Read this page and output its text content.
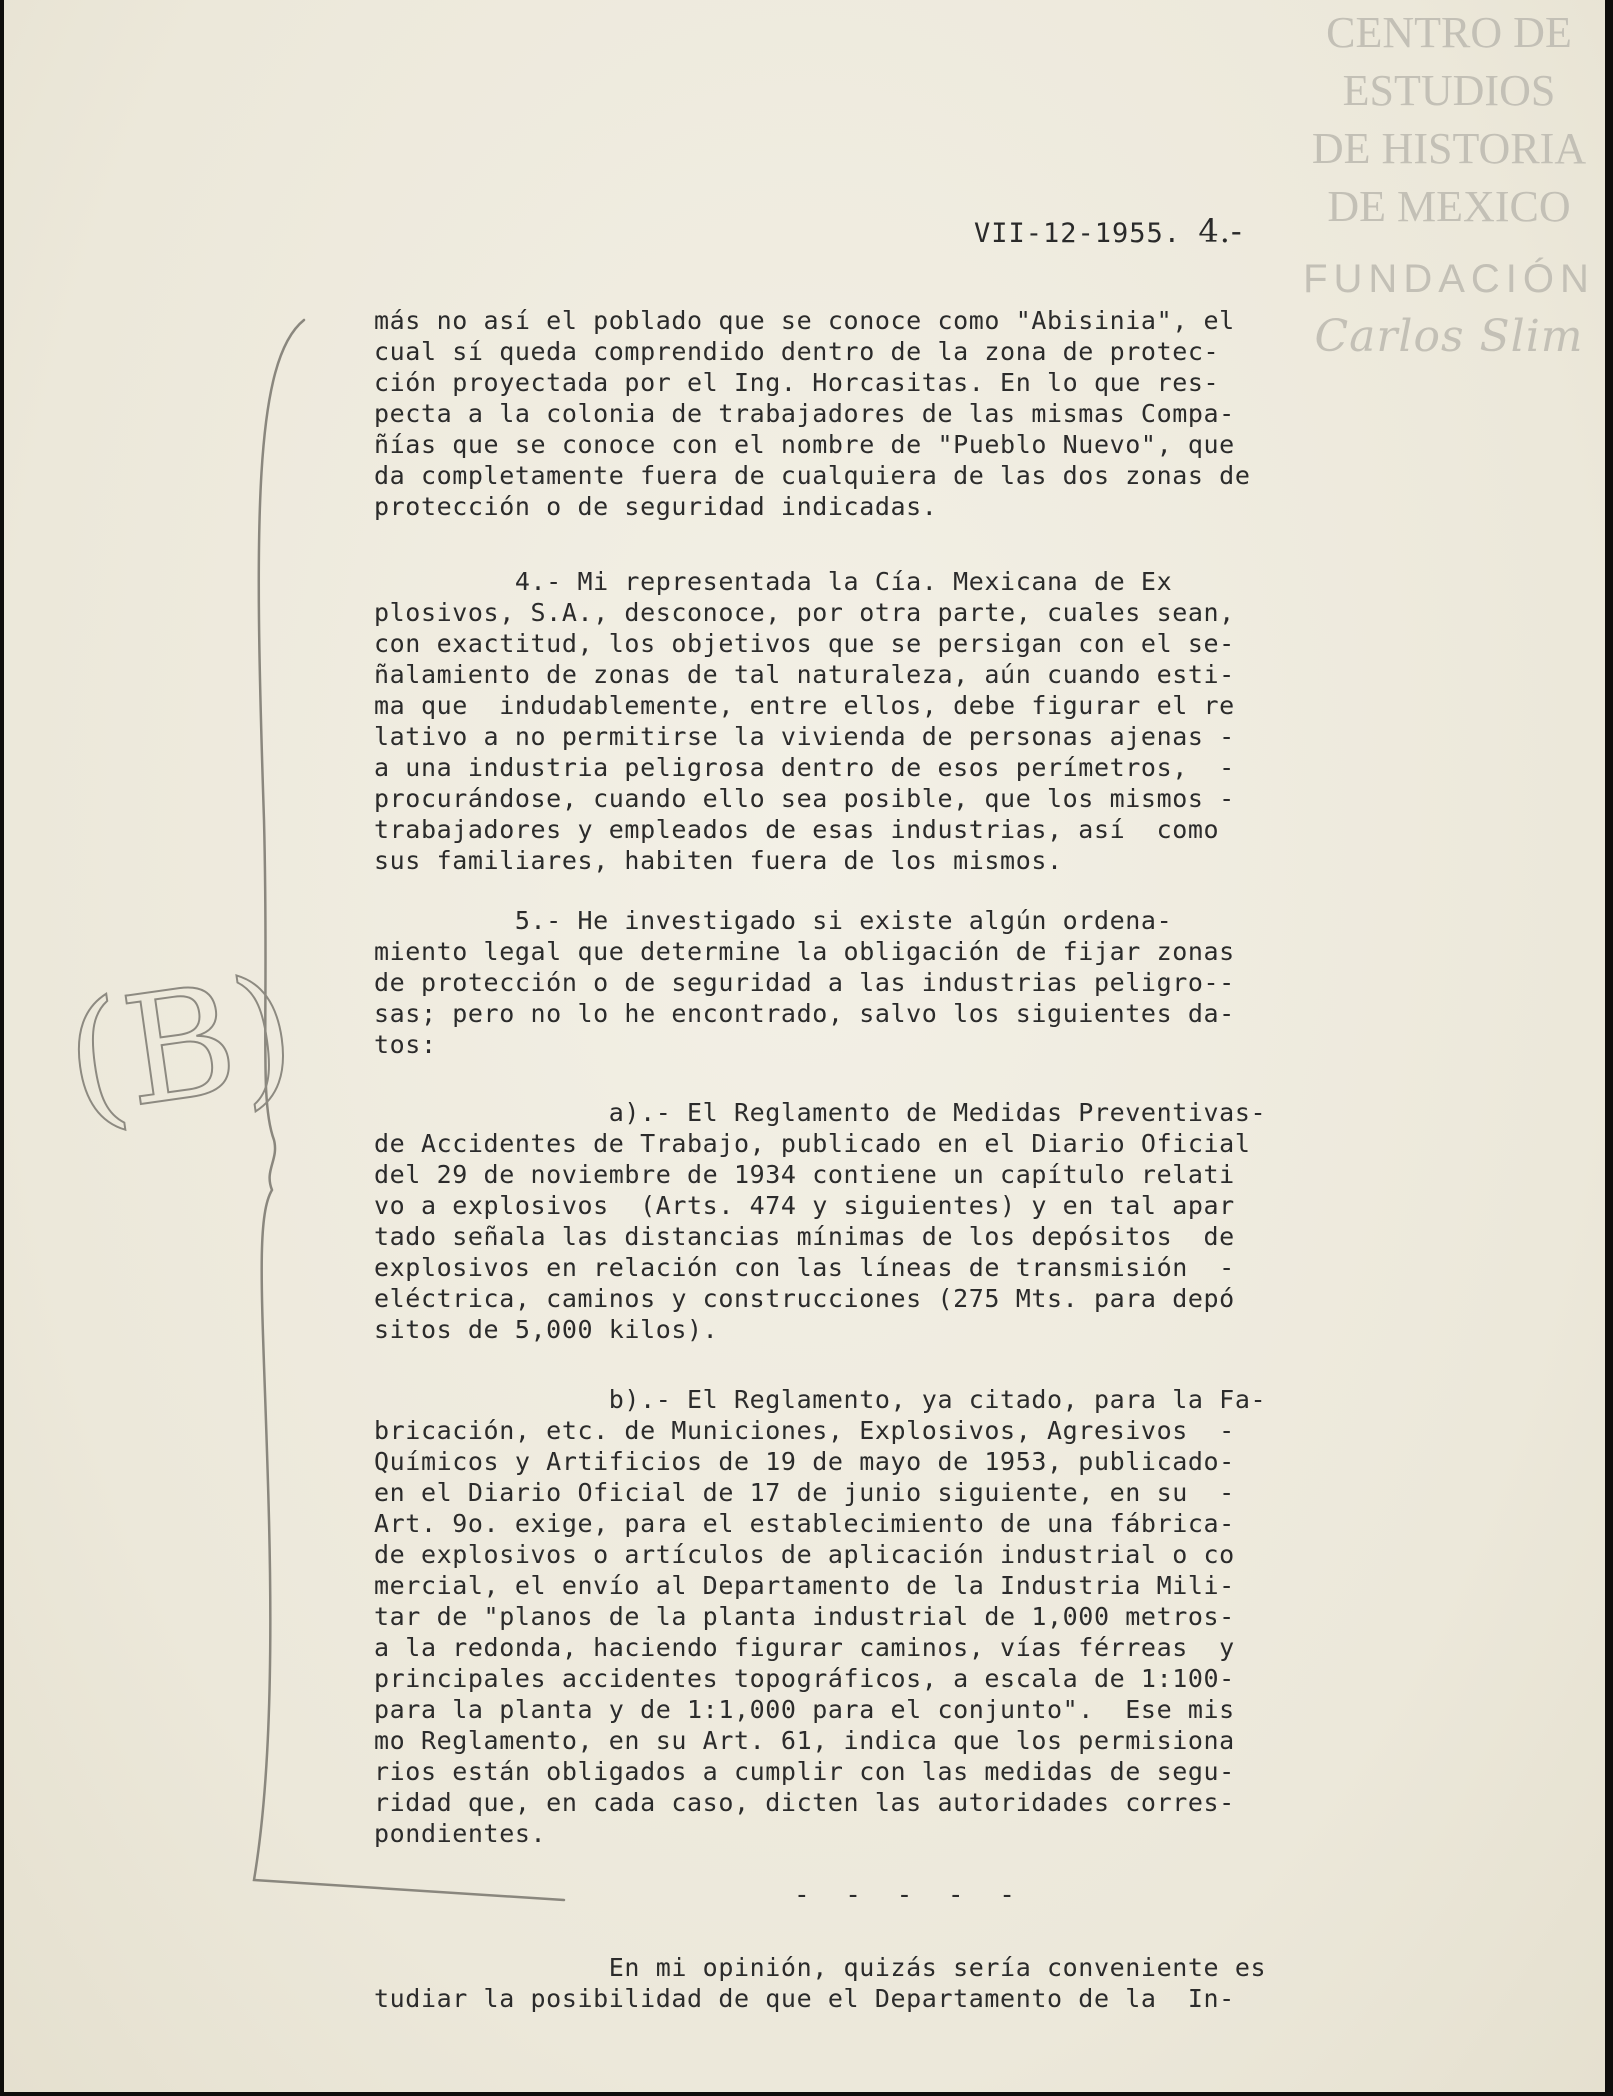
CENTRO DE
ESTUDIOS
DE HISTORIA
DE MEXICO
FUNDACIÓN
Carlos Slim
VII-12-1955. 4.-
más no así el poblado que se conoce como "Abisinia", el
cual sí queda comprendido dentro de la zona de protec-
ción proyectada por el Ing. Horcasitas. En lo que res-
pecta a la colonia de trabajadores de las mismas Compa-
ñías que se conoce con el nombre de "Pueblo Nuevo", que
da completamente fuera de cualquiera de las dos zonas de
protección o de seguridad indicadas.
4.- Mi representada la Cía. Mexicana de Ex
plosivos, S.A., desconoce, por otra parte, cuales sean,
con exactitud, los objetivos que se persigan con el se-
ñalamiento de zonas de tal naturaleza, aún cuando esti-
ma que  indudablemente, entre ellos, debe figurar el re
lativo a no permitirse la vivienda de personas ajenas -
a una industria peligrosa dentro de esos perímetros,  -
procurándose, cuando ello sea posible, que los mismos -
trabajadores y empleados de esas industrias, así  como
sus familiares, habiten fuera de los mismos.
5.- He investigado si existe algún ordena-
miento legal que determine la obligación de fijar zonas
de protección o de seguridad a las industrias peligro--
sas; pero no lo he encontrado, salvo los siguientes da-
tos:
a).- El Reglamento de Medidas Preventivas-
de Accidentes de Trabajo, publicado en el Diario Oficial
del 29 de noviembre de 1934 contiene un capítulo relati
vo a explosivos  (Arts. 474 y siguientes) y en tal apar
tado señala las distancias mínimas de los depósitos  de
explosivos en relación con las líneas de transmisión  -
eléctrica, caminos y construcciones (275 Mts. para depó
sitos de 5,000 kilos).
b).- El Reglamento, ya citado, para la Fa-
bricación, etc. de Municiones, Explosivos, Agresivos  -
Químicos y Artificios de 19 de mayo de 1953, publicado-
en el Diario Oficial de 17 de junio siguiente, en su  -
Art. 9o. exige, para el establecimiento de una fábrica-
de explosivos o artículos de aplicación industrial o co
mercial, el envío al Departamento de la Industria Mili-
tar de "planos de la planta industrial de 1,000 metros-
a la redonda, haciendo figurar caminos, vías férreas  y
principales accidentes topográficos, a escala de 1:100-
para la planta y de 1:1,000 para el conjunto".  Ese mis
mo Reglamento, en su Art. 61, indica que los permisiona
rios están obligados a cumplir con las medidas de segu-
ridad que, en cada caso, dicten las autoridades corres-
pondientes.
- - - - -
En mi opinión, quizás sería conveniente es
tudiar la posibilidad de que el Departamento de la  In-
(B)
